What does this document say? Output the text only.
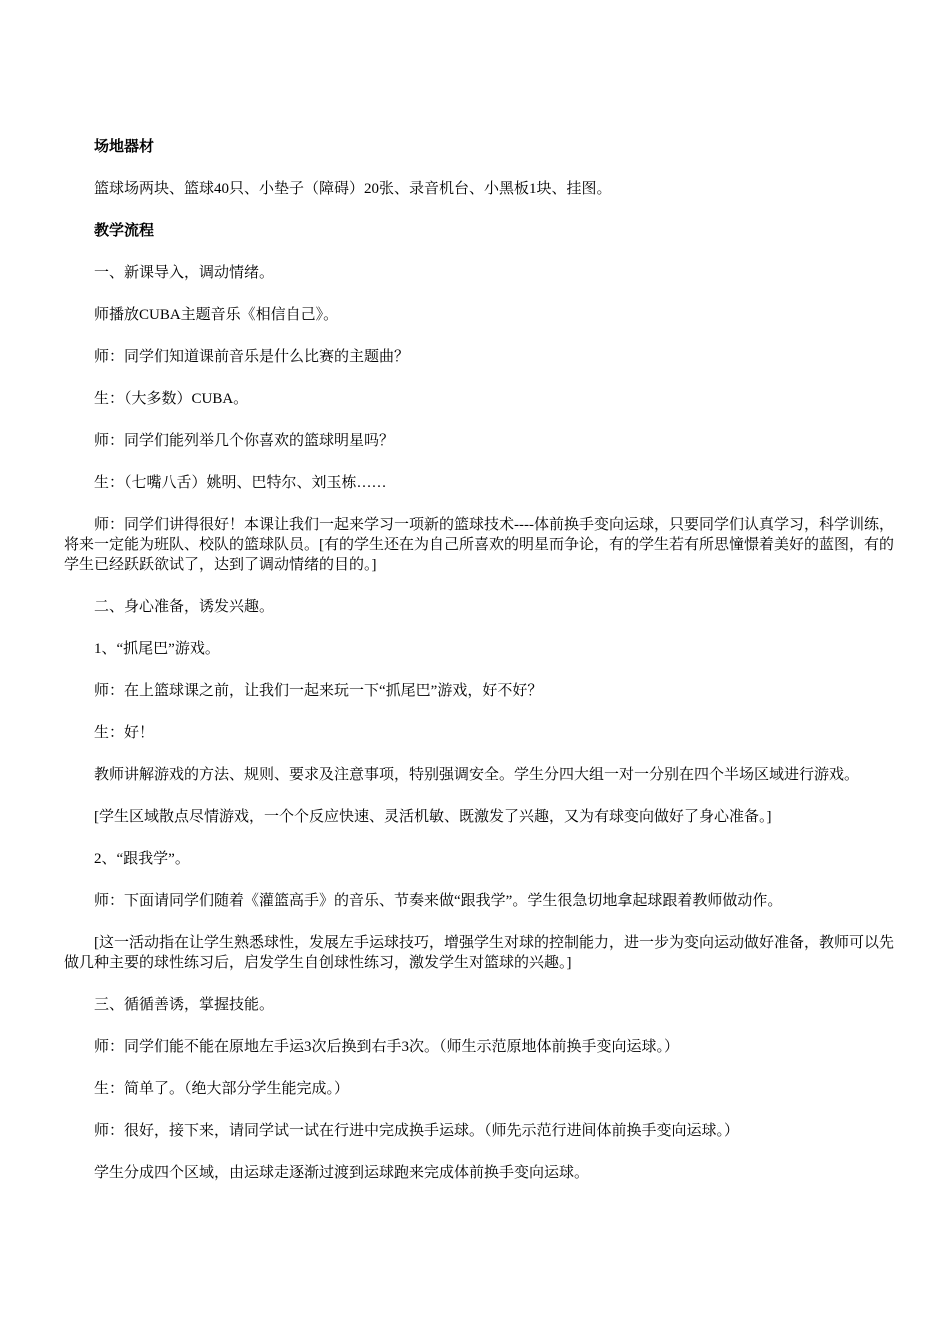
场地器材

篮球场两块、篮球40只、小垫子（障碍）20张、录音机台、小黑板1块、挂图。

教学流程

一、新课导入，调动情绪。

师播放CUBA主题音乐《相信自己》。

师：同学们知道课前音乐是什么比赛的主题曲？

生：（大多数）CUBA。

师：同学们能列举几个你喜欢的篮球明星吗？

生：（七嘴八舌）姚明、巴特尔、刘玉栋……

师：同学们讲得很好！本课让我们一起来学习一项新的篮球技术----体前换手变向运球，只要同学们认真学习，科学训练，将来一定能为班队、校队的篮球队员。[有的学生还在为自己所喜欢的明星而争论，有的学生若有所思憧憬着美好的蓝图，有的学生已经跃跃欲试了，达到了调动情绪的目的。]

二、身心准备，诱发兴趣。

1、“抓尾巴”游戏。

师：在上篮球课之前，让我们一起来玩一下“抓尾巴”游戏，好不好？

生：好！

教师讲解游戏的方法、规则、要求及注意事项，特别强调安全。学生分四大组一对一分别在四个半场区域进行游戏。

[学生区域散点尽情游戏，一个个反应快速、灵活机敏、既激发了兴趣，又为有球变向做好了身心准备。]

2、“跟我学”。

师：下面请同学们随着《灌篮高手》的音乐、节奏来做“跟我学”。学生很急切地拿起球跟着教师做动作。

[这一活动指在让学生熟悉球性，发展左手运球技巧，增强学生对球的控制能力，进一步为变向运动做好准备，教师可以先做几种主要的球性练习后，启发学生自创球性练习，激发学生对篮球的兴趣。]

三、循循善诱，掌握技能。

师：同学们能不能在原地左手运3次后换到右手3次。（师生示范原地体前换手变向运球。）

生：简单了。（绝大部分学生能完成。）

师：很好，接下来，请同学试一试在行进中完成换手运球。（师先示范行进间体前换手变向运球。）

学生分成四个区域，由运球走逐渐过渡到运球跑来完成体前换手变向运球。
